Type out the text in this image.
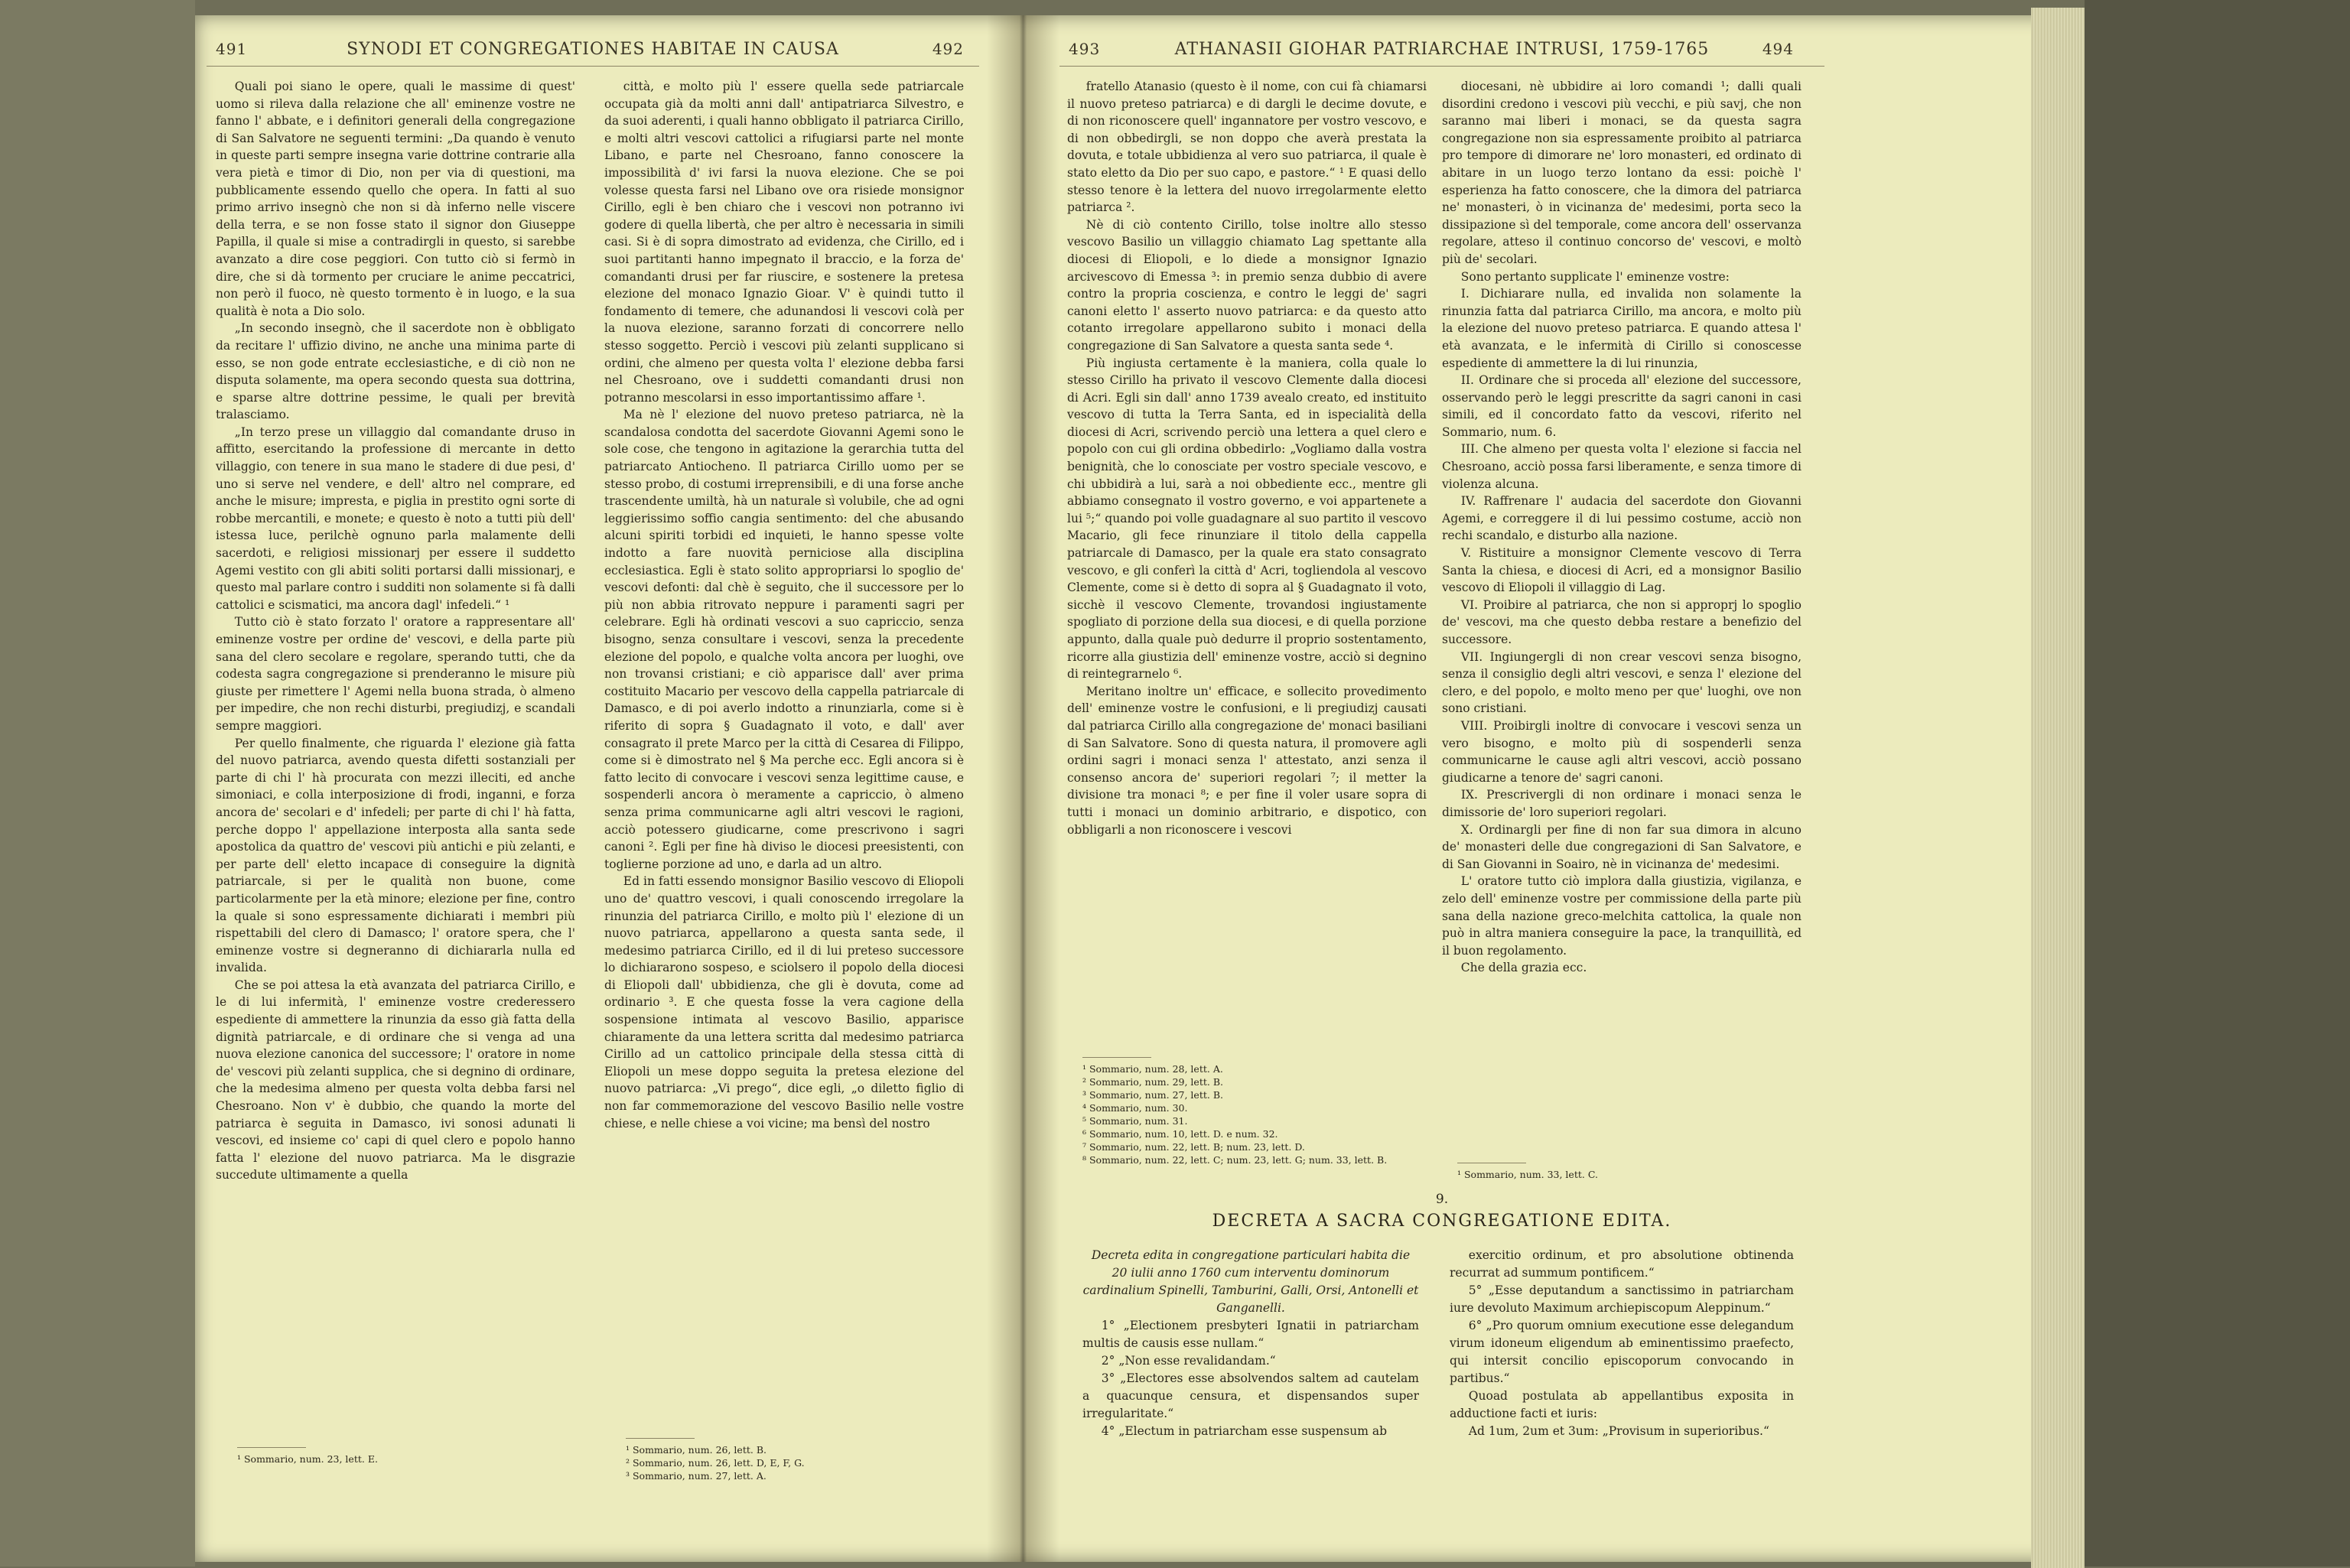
491	SYNODI ET CONGREGATIONES HABITAE IN CAUSA	492

Quali poi siano le opere, quali le massime di quest' uomo si rileva dalla relazione che all' eminenze vostre ne fanno l' abbate, e i definitori generali della congregazione di San Salvatore ne seguenti termini: „Da quando è venuto in queste parti sempre insegna varie dottrine contrarie alla vera pietà e timor di Dio, non per via di questioni, ma pubblicamente essendo quello che opera. In fatti al suo primo arrivo insegnò che non si dà inferno nelle viscere della terra, e se non fosse stato il signor don Giuseppe Papilla, il quale si mise a contradirgli in questo, si sarebbe avanzato a dire cose peggiori. Con tutto ciò si fermò in dire, che si dà tormento per cruciare le anime peccatrici, non però il fuoco, nè questo tormento è in luogo, e la sua qualità è nota a Dio solo.

„In secondo insegnò, che il sacerdote non è obbligato da recitare l' uffizio divino, ne anche una minima parte di esso, se non gode entrate ecclesiastiche, e di ciò non ne disputa solamente, ma opera secondo questa sua dottrina, e sparse altre dottrine pessime, le quali per brevità tralasciamo.

„In terzo prese un villaggio dal comandante druso in affitto, esercitando la professione di mercante in detto villaggio, con tenere in sua mano le stadere di due pesi, d' uno si serve nel vendere, e dell' altro nel comprare, ed anche le misure; impresta, e piglia in prestito ogni sorte di robbe mercantili, e monete; e questo è noto a tutti più dell' istessa luce, perilchè ognuno parla malamente delli sacerdoti, e religiosi missionarj per essere il suddetto Agemi vestito con gli abiti soliti portarsi dalli missionarj, e questo mal parlare contro i sudditi non solamente si fà dalli cattolici e scismatici, ma ancora dagl' infedeli.“ ¹

Tutto ciò è stato forzato l' oratore a rappresentare all' eminenze vostre per ordine de' vescovi, e della parte più sana del clero secolare e regolare, sperando tutti, che da codesta sagra congregazione si prenderanno le misure più giuste per rimettere l' Agemi nella buona strada, ò almeno per impedire, che non rechi disturbi, pregiudizj, e scandali sempre maggiori.

Per quello finalmente, che riguarda l' elezione già fatta del nuovo patriarca, avendo questa difetti sostanziali per parte di chi l' hà procurata con mezzi illeciti, ed anche simoniaci, e colla interposizione di frodi, inganni, e forza ancora de' secolari e d' infedeli; per parte di chi l' hà fatta, perche doppo l' appellazione interposta alla santa sede apostolica da quattro de' vescovi più antichi e più zelanti, e per parte dell' eletto incapace di conseguire la dignità patriarcale, si per le qualità non buone, come particolarmente per la età minore; elezione per fine, contro la quale si sono espressamente dichiarati i membri più rispettabili del clero di Damasco; l' oratore spera, che l' eminenze vostre si degneranno di dichiararla nulla ed invalida.

Che se poi attesa la età avanzata del patriarca Cirillo, e le di lui infermità, l' eminenze vostre crederessero espediente di ammettere la rinunzia da esso già fatta della dignità patriarcale, e di ordinare che si venga ad una nuova elezione canonica del successore; l' oratore in nome de' vescovi più zelanti supplica, che si degnino di ordinare, che la medesima almeno per questa volta debba farsi nel Chesroano. Non v' è dubbio, che quando la morte del patriarca è seguita in Damasco, ivi sonosi adunati li vescovi, ed insieme co' capi di quel clero e popolo hanno fatta l' elezione del nuovo patriarca. Ma le disgrazie succedute ultimamente a quella

¹ Sommario, num. 23, lett. E.

città, e molto più l' essere quella sede patriarcale occupata già da molti anni dall' antipatriarca Silvestro, e da suoi aderenti, i quali hanno obbligato il patriarca Cirillo, e molti altri vescovi cattolici a rifugiarsi parte nel monte Libano, e parte nel Chesroano, fanno conoscere la impossibilità d' ivi farsi la nuova elezione. Che se poi volesse questa farsi nel Libano ove ora risiede monsignor Cirillo, egli è ben chiaro che i vescovi non potranno ivi godere di quella libertà, che per altro è necessaria in simili casi. Si è di sopra dimostrato ad evidenza, che Cirillo, ed i suoi partitanti hanno impegnato il braccio, e la forza de' comandanti drusi per far riuscire, e sostenere la pretesa elezione del monaco Ignazio Gioar. V' è quindi tutto il fondamento di temere, che adunandosi li vescovi colà per la nuova elezione, saranno forzati di concorrere nello stesso soggetto. Perciò i vescovi più zelanti supplicano si ordini, che almeno per questa volta l' elezione debba farsi nel Chesroano, ove i suddetti comandanti drusi non potranno mescolarsi in esso importantissimo affare ¹.

Ma nè l' elezione del nuovo preteso patriarca, nè la scandalosa condotta del sacerdote Giovanni Agemi sono le sole cose, che tengono in agitazione la gerarchia tutta del patriarcato Antiocheno. Il patriarca Cirillo uomo per se stesso probo, di costumi irreprensibili, e di una forse anche trascendente umiltà, hà un naturale sì volubile, che ad ogni leggierissimo soffio cangia sentimento: del che abusando alcuni spiriti torbidi ed inquieti, le hanno spesse volte indotto a fare nuovità perniciose alla disciplina ecclesiastica. Egli è stato solito appropriarsi lo spoglio de' vescovi defonti: dal chè è seguito, che il successore per lo più non abbia ritrovato neppure i paramenti sagri per celebrare. Egli hà ordinati vescovi a suo capriccio, senza bisogno, senza consultare i vescovi, senza la precedente elezione del popolo, e qualche volta ancora per luoghi, ove non trovansi cristiani; e ciò apparisce dall' aver prima costituito Macario per vescovo della cappella patriarcale di Damasco, e di poi averlo indotto a rinunziarla, come si è riferito di sopra § Guadagnato il voto, e dall' aver consagrato il prete Marco per la città di Cesarea di Filippo, come si è dimostrato nel § Ma perche ecc. Egli ancora si è fatto lecito di convocare i vescovi senza legittime cause, e sospenderli ancora ò meramente a capriccio, ò almeno senza prima communicarne agli altri vescovi le ragioni, acciò potessero giudicarne, come prescrivono i sagri canoni ². Egli per fine hà diviso le diocesi preesistenti, con toglierne porzione ad uno, e darla ad un altro.

Ed in fatti essendo monsignor Basilio vescovo di Eliopoli uno de' quattro vescovi, i quali conoscendo irregolare la rinunzia del patriarca Cirillo, e molto più l' elezione di un nuovo patriarca, appellarono a questa santa sede, il medesimo patriarca Cirillo, ed il di lui preteso successore lo dichiararono sospeso, e sciolsero il popolo della diocesi di Eliopoli dall' ubbidienza, che gli è dovuta, come ad ordinario ³. E che questa fosse la vera cagione della sospensione intimata al vescovo Basilio, apparisce chiaramente da una lettera scritta dal medesimo patriarca Cirillo ad un cattolico principale della stessa città di Eliopoli un mese doppo seguita la pretesa elezione del nuovo patriarca: „Vi prego“, dice egli, „o diletto figlio di non far commemorazione del vescovo Basilio nelle vostre chiese, e nelle chiese a voi vicine; ma bensì del nostro

¹ Sommario, num. 26, lett. B.
² Sommario, num. 26, lett. D, E, F, G.
³ Sommario, num. 27, lett. A.
493	ATHANASII GIOHAR PATRIARCHAE INTRUSI, 1759-1765	494

fratello Atanasio (questo è il nome, con cui fà chiamarsi il nuovo preteso patriarca) e di dargli le decime dovute, e di non riconoscere quell' ingannatore per vostro vescovo, e di non obbedirgli, se non doppo che averà prestata la dovuta, e totale ubbidienza al vero suo patriarca, il quale è stato eletto da Dio per suo capo, e pastore.“ ¹ E quasi dello stesso tenore è la lettera del nuovo irregolarmente eletto patriarca ².

Nè di ciò contento Cirillo, tolse inoltre allo stesso vescovo Basilio un villaggio chiamato Lag spettante alla diocesi di Eliopoli, e lo diede a monsignor Ignazio arcivescovo di Emessa ³: in premio senza dubbio di avere contro la propria coscienza, e contro le leggi de' sagri canoni eletto l' asserto nuovo patriarca: e da questo atto cotanto irregolare appellarono subito i monaci della congregazione di San Salvatore a questa santa sede ⁴.

Più ingiusta certamente è la maniera, colla quale lo stesso Cirillo ha privato il vescovo Clemente dalla diocesi di Acri. Egli sin dall' anno 1739 avealo creato, ed instituito vescovo di tutta la Terra Santa, ed in ispecialità della diocesi di Acri, scrivendo perciò una lettera a quel clero e popolo con cui gli ordina obbedirlo: „Vogliamo dalla vostra benignità, che lo conosciate per vostro speciale vescovo, e chi ubbidirà a lui, sarà a noi obbediente ecc., mentre gli abbiamo consegnato il vostro governo, e voi appartenete a lui ⁵;“ quando poi volle guadagnare al suo partito il vescovo Macario, gli fece rinunziare il titolo della cappella patriarcale di Damasco, per la quale era stato consagrato vescovo, e gli conferì la città d' Acri, togliendola al vescovo Clemente, come si è detto di sopra al § Guadagnato il voto, sicchè il vescovo Clemente, trovandosi ingiustamente spogliato di porzione della sua diocesi, e di quella porzione appunto, dalla quale può dedurre il proprio sostentamento, ricorre alla giustizia dell' eminenze vostre, acciò si degnino di reintegrarnelo ⁶.

Meritano inoltre un' efficace, e sollecito provedimento dell' eminenze vostre le confusioni, e li pregiudizj causati dal patriarca Cirillo alla congregazione de' monaci basiliani di San Salvatore. Sono di questa natura, il promovere agli ordini sagri i monaci senza l' attestato, anzi senza il consenso ancora de' superiori regolari ⁷; il metter la divisione tra monaci ⁸; e per fine il voler usare sopra di tutti i monaci un dominio arbitrario, e dispotico, con obbligarli a non riconoscere i vescovi

¹ Sommario, num. 28, lett. A.
² Sommario, num. 29, lett. B.
³ Sommario, num. 27, lett. B.
⁴ Sommario, num. 30.
⁵ Sommario, num. 31.
⁶ Sommario, num. 10, lett. D. e num. 32.
⁷ Sommario, num. 22, lett. B; num. 23, lett. D.
⁸ Sommario, num. 22, lett. C; num. 23, lett. G; num. 33, lett. B.

diocesani, nè ubbidire ai loro comandi ¹; dalli quali disordini credono i vescovi più vecchi, e più savj, che non saranno mai liberi i monaci, se da questa sagra congregazione non sia espressamente proibito al patriarca pro tempore di dimorare ne' loro monasteri, ed ordinato di abitare in un luogo terzo lontano da essi: poichè l' esperienza ha fatto conoscere, che la dimora del patriarca ne' monasteri, ò in vicinanza de' medesimi, porta seco la dissipazione sì del temporale, come ancora dell' osservanza regolare, atteso il continuo concorso de' vescovi, e moltò più de' secolari.

Sono pertanto supplicate l' eminenze vostre:

I. Dichiarare nulla, ed invalida non solamente la rinunzia fatta dal patriarca Cirillo, ma ancora, e molto più la elezione del nuovo preteso patriarca. E quando attesa l' età avanzata, e le infermità di Cirillo si conoscesse espediente di ammettere la di lui rinunzia,

II. Ordinare che si proceda all' elezione del successore, osservando però le leggi prescritte da sagri canoni in casi simili, ed il concordato fatto da vescovi, riferito nel Sommario, num. 6.

III. Che almeno per questa volta l' elezione si faccia nel Chesroano, acciò possa farsi liberamente, e senza timore di violenza alcuna.

IV. Raffrenare l' audacia del sacerdote don Giovanni Agemi, e correggere il di lui pessimo costume, acciò non rechi scandalo, e disturbo alla nazione.

V. Ristituire a monsignor Clemente vescovo di Terra Santa la chiesa, e diocesi di Acri, ed a monsignor Basilio vescovo di Eliopoli il villaggio di Lag.

VI. Proibire al patriarca, che non si approprj lo spoglio de' vescovi, ma che questo debba restare a benefizio del successore.

VII. Ingiungergli di non crear vescovi senza bisogno, senza il consiglio degli altri vescovi, e senza l' elezione del clero, e del popolo, e molto meno per que' luoghi, ove non sono cristiani.

VIII. Proibirgli inoltre di convocare i vescovi senza un vero bisogno, e molto più di sospenderli senza communicarne le cause agli altri vescovi, acciò possano giudicarne a tenore de' sagri canoni.

IX. Prescrivergli di non ordinare i monaci senza le dimissorie de' loro superiori regolari.

X. Ordinargli per fine di non far sua dimora in alcuno de' monasteri delle due congregazioni di San Salvatore, e di San Giovanni in Soairo, nè in vicinanza de' medesimi.

L' oratore tutto ciò implora dalla giustizia, vigilanza, e zelo dell' eminenze vostre per commissione della parte più sana della nazione greco-melchita cattolica, la quale non può in altra maniera conseguire la pace, la tranquillità, ed il buon regolamento.

Che della grazia ecc.

¹ Sommario, num. 33, lett. C.
9.
DECRETA A SACRA CONGREGATIONE EDITA.

Decreta edita in congregatione particulari habita die 20 iulii anno 1760 cum interventu dominorum cardinalium Spinelli, Tamburini, Galli, Orsi, Antonelli et Ganganelli.

1° „Electionem presbyteri Ignatii in patriarcham multis de causis esse nullam.“

2° „Non esse revalidandam.“

3° „Electores esse absolvendos saltem ad cautelam a quacunque censura, et dispensandos super irregularitate.“

4° „Electum in patriarcham esse suspensum ab

exercitio ordinum, et pro absolutione obtinenda recurrat ad summum pontificem.“

5° „Esse deputandum a sanctissimo in patriarcham iure devoluto Maximum archiepiscopum Aleppinum.“

6° „Pro quorum omnium executione esse delegandum virum idoneum eligendum ab eminentissimo praefecto, qui intersit concilio episcoporum convocando in partibus.“

Quoad postulata ab appellantibus exposita in adductione facti et iuris:

Ad 1um, 2um et 3um: „Provisum in superioribus.“
